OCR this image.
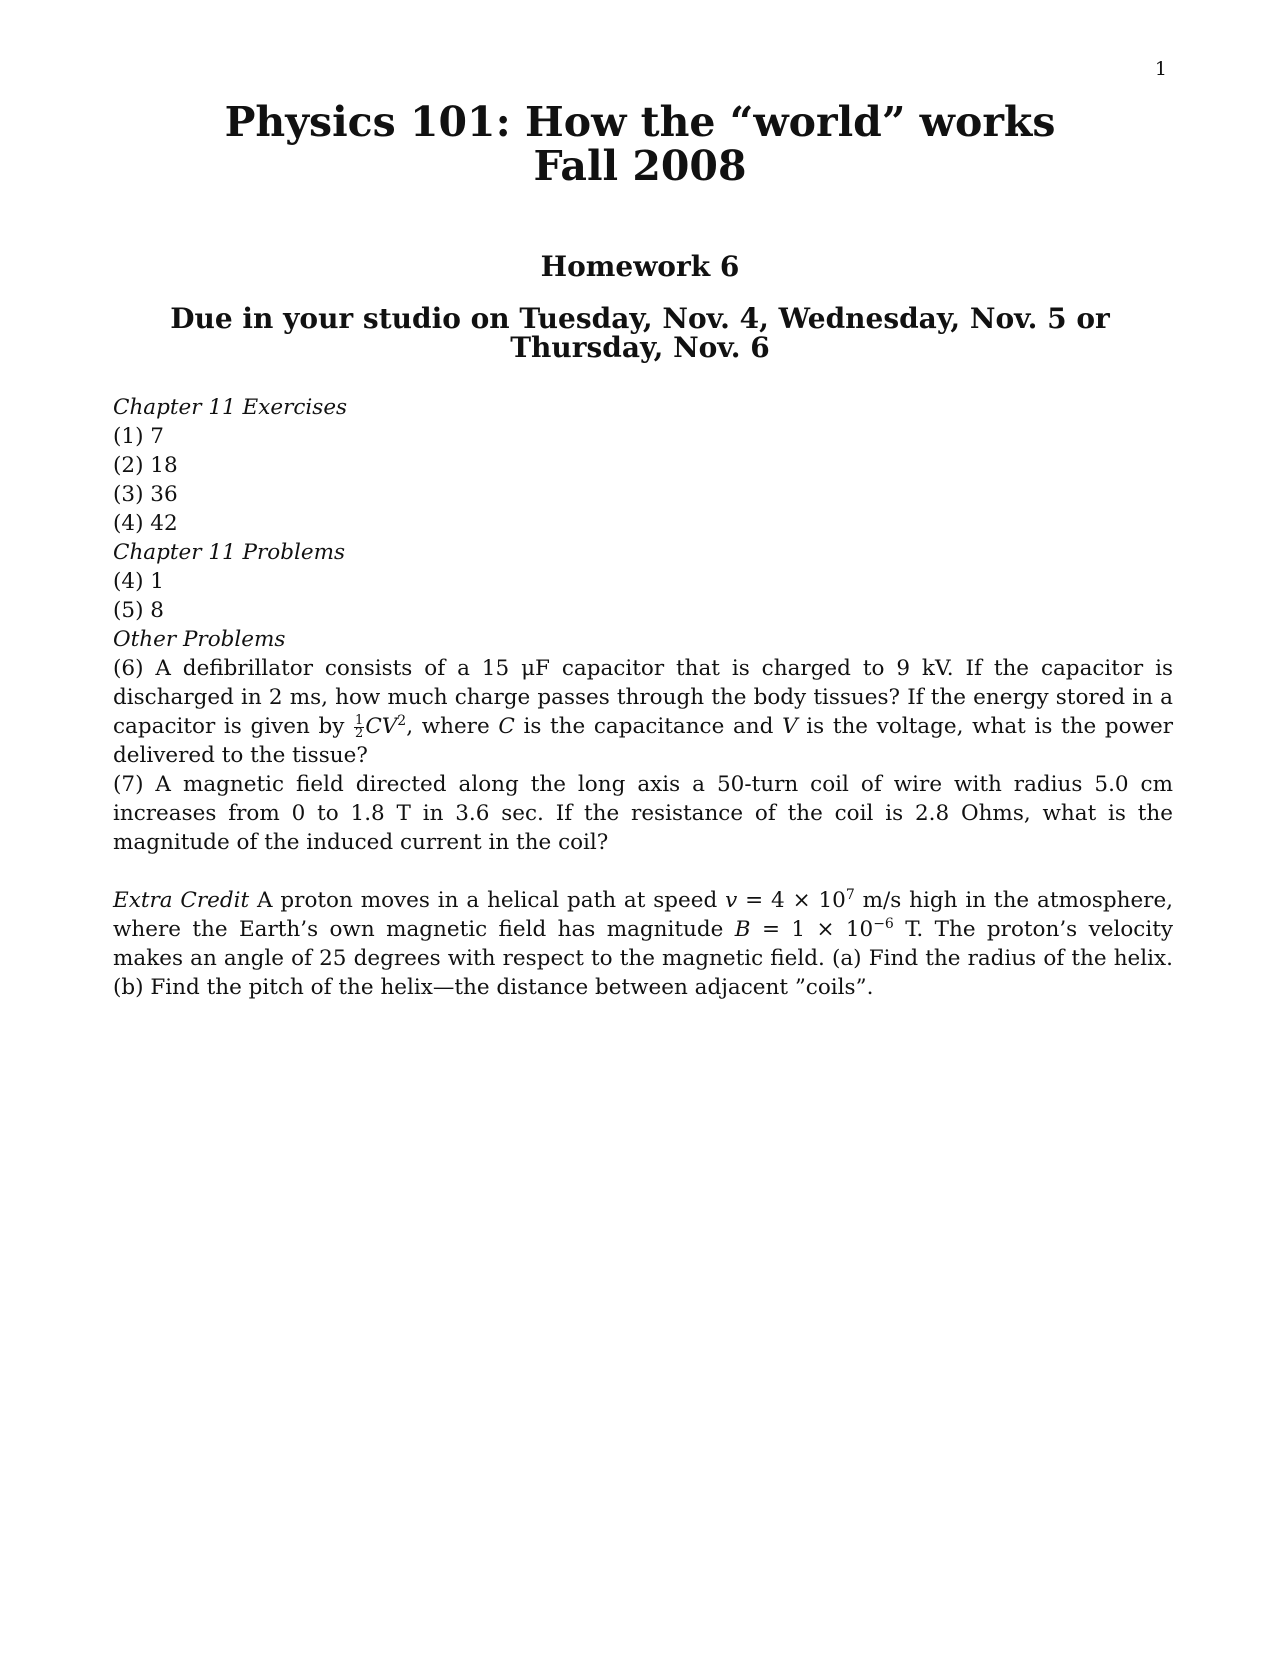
1
Physics 101: How the “world” works
Fall 2008
Homework 6
Due in your studio on Tuesday, Nov. 4, Wednesday, Nov. 5 or
Thursday, Nov. 6
Chapter 11 Exercises
(1) 7
(2) 18
(3) 36
(4) 42
Chapter 11 Problems
(4) 1
(5) 8
Other Problems
(6) A defibrillator consists of a 15 μF capacitor that is charged to 9 kV. If the capacitor is discharged in 2 ms, how much charge passes through the body tissues? If the energy stored in a capacitor is given by $\frac{1}{2} CV^2$, where C is the capacitance and V is the voltage, what is the power delivered to the tissue?
(7) A magnetic field directed along the long axis a 50-turn coil of wire with radius 5.0 cm increases from 0 to 1.8 T in 3.6 sec. If the resistance of the coil is 2.8 Ohms, what is the magnitude of the induced current in the coil?
Extra Credit A proton moves in a helical path at speed $v = 4 \times 10^7$ m/s high in the atmosphere, where the Earth’s own magnetic field has magnitude $B = 1 \times 10^{-6}$ T. The proton’s velocity makes an angle of 25 degrees with respect to the magnetic field. (a) Find the radius of the helix. (b) Find the pitch of the helix—the distance between adjacent ”coils”.
